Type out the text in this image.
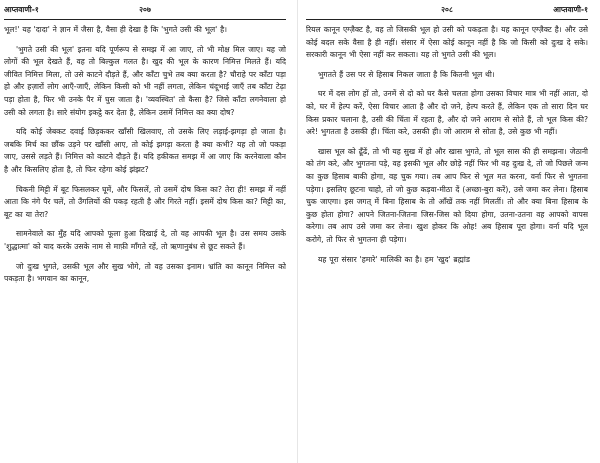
आप्तवाणी-१	२०७

भूल!' यह 'दादा' ने ज्ञान में जैसा है, वैसा ही देखा है कि 'भुगते उसी की भूल' है।

'भुगते उसी की भूल' इतना यदि पूर्णरूप से समझ में आ जाए, तो भी मोक्ष मिल जाए। यह जो लोगों की भूल देखते हैं, वह तो बिल्कुल गलत है। खुद की भूल के कारण निमित्त मिलते हैं। यदि जीवित निमित्त मिला, तो उसे काटने दौड़ते हैं, और काँटा चुभे तब क्या करता है? चौराहे पर काँटा पड़ा हो और हज़ारों लोग आएँ-जाएँ, लेकिन किसी को भी नहीं लगता, लेकिन चंदूभाई जाएँ तब काँटा टेढ़ा पड़ा होता है, फिर भी उनके पैर में घुस जाता है। 'व्यवस्थित' तो कैसा है? जिसे काँटा लगनेवाला हो उसी को लगता है। सारे संयोग इकट्ठे कर देता है, लेकिन उसमें निमित्त का क्या दोष?

यदि कोई जेबकट दवाई छिड़ककर खाँसी खिलवाए, तो उसके लिए लड़ाई-झगड़ा हो जाता है। जबकि मिर्च का छौंक उड़ने पर खाँसी आए, तो कोई झगड़ा करता है क्या कभी? यह तो जो पकड़ा जाए, उससे लड़ते हैं। निमित्त को काटने दौड़ते हैं। यदि हकीकत समझ में आ जाए कि करनेवाला कौन है और किसलिए होता है, तो फिर रहेगा कोई झंझट?

चिकनी मिट्टी में बूट फिसलकर घूमें, और फिसलें, तो उसमें दोष किस का? तेरा ही! समझ में नहीं आता कि नंगे पैर चलें, तो उँगलियों की पकड़ रहती है और गिरते नहीं। इसमें दोष किस का? मिट्टी का, बूट का या तेरा?

सामनेवाले का मुँह यदि आपको फूला हुआ दिखाई दे, तो वह आपकी भूल है। उस समय उसके 'शुद्धात्मा' को याद करके उसके नाम से माफ़ी माँगते रहें, तो ऋणानुबंध से छूट सकते हैं।

जो दुःख भुगते, उसकी भूल और सुख भोगे, तो वह उसका इनाम। भ्रांति का कानून निमित्त को पकड़ता है। भगवान का कानून,

२०८	आप्तवाणी-१

रियल कानून एग्ज़ैक्ट है, वह तो जिसकी भूल हो उसी को पकड़ता है। यह कानून एग्ज़ैक्ट है। और उसे कोई बदल सके वैसा है ही नहीं। संसार में ऐसा कोई कानून नहीं है कि जो किसी को दुःख दे सके। सरकारी कानून भी ऐसा नहीं कर सकता। यह तो भुगते उसी की भूल।

भुगतते हैं उस पर से हिसाब निकल जाता है कि कितनी भूल थी।

घर में दस लोग हों तो, उनमें से दो को घर कैसे चलता होगा उसका विचार मात्र भी नहीं आता, दो को, घर में हेल्प करें, ऐसा विचार आता है और दो जने, हेल्प करते हैं, लेकिन एक तो सारा दिन घर किस प्रकार चलाना है, उसी की चिंता में रहता है, और दो जने आराम से सोते हैं, तो भूल किस की? अरे! भुगतता है उसकी ही। चिंता करे, उसकी ही। जो आराम से सोता है, उसे कुछ भी नहीं।

खास भूल को ढूँढें, तो भी यह सुख में हो और खास भुगते, तो भूल सास की ही समझना। जेठानी को तंग करे, और भुगतना पड़े, वह इसकी भूल और छोड़े नहीं फिर भी वह दुःख दे, तो जो पिछले जन्म का कुछ हिसाब बाकी होगा, वह चुक गया। तब आप फिर से भूल मत करना, वर्ना फिर से भुगतना पड़ेगा। इसलिए छूटना चाहो, तो जो कुछ कड़वा-मीठा दें (अच्छा-बुरा करें), उसे जमा कर लेना। हिसाब चुक जाएगा। इस जगत् में बिना हिसाब के तो आँखें तक नहीं मिलतीं। तो और क्या बिना हिसाब के कुछ होता होगा? आपने जितना-जितना जिस-जिस को दिया होगा, उतना-उतना वह आपको वापस करेगा। तब आप उसे जमा कर लेना। खुश होकर कि ओह! अब हिसाब पूरा होगा। वर्ना यदि भूल करोगे, तो फिर से भुगतना ही पड़ेगा।

यह पूरा संसार 'हमारे' मालिकी का है। हम 'खुद' ब्रह्मांड
